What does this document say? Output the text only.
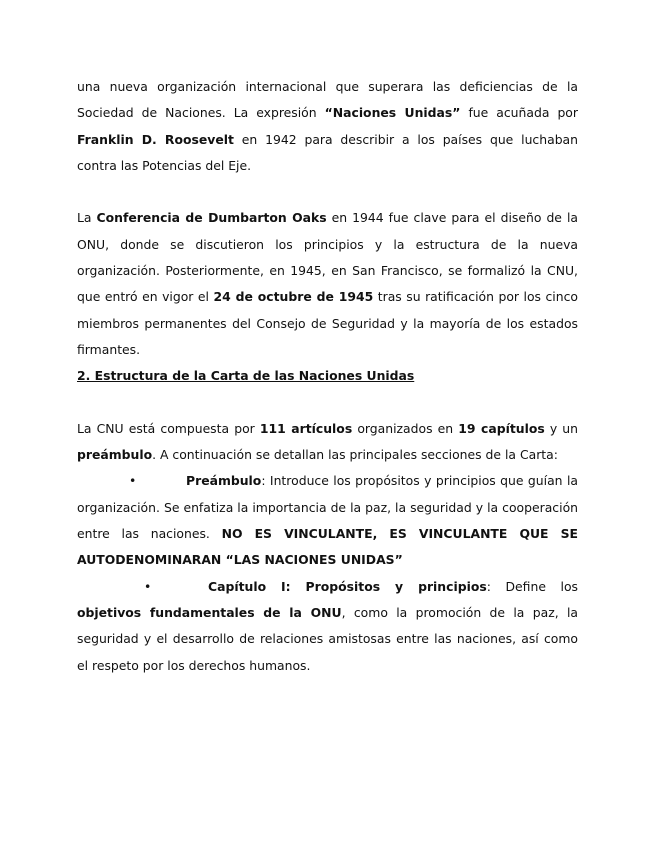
una nueva organización internacional que superara las deficiencias de la Sociedad de Naciones. La expresión “Naciones Unidas” fue acuñada por Franklin D. Roosevelt en 1942 para describir a los países que luchaban contra las Potencias del Eje.

La Conferencia de Dumbarton Oaks en 1944 fue clave para el diseño de la ONU, donde se discutieron los principios y la estructura de la nueva organización. Posteriormente, en 1945, en San Francisco, se formalizó la CNU, que entró en vigor el 24 de octubre de 1945 tras su ratificación por los cinco miembros permanentes del Consejo de Seguridad y la mayoría de los estados firmantes.

2. Estructura de la Carta de las Naciones Unidas

La CNU está compuesta por 111 artículos organizados en 19 capítulos y un preámbulo. A continuación se detallan las principales secciones de la Carta:

•	Preámbulo: Introduce los propósitos y principios que guían la organización. Se enfatiza la importancia de la paz, la seguridad y la cooperación entre las naciones. NO ES VINCULANTE, ES VINCULANTE QUE SE AUTODENOMINARAN “LAS NACIONES UNIDAS”

•	Capítulo I: Propósitos y principios: Define los objetivos fundamentales de la ONU, como la promoción de la paz, la seguridad y el desarrollo de relaciones amistosas entre las naciones, así como el respeto por los derechos humanos.
